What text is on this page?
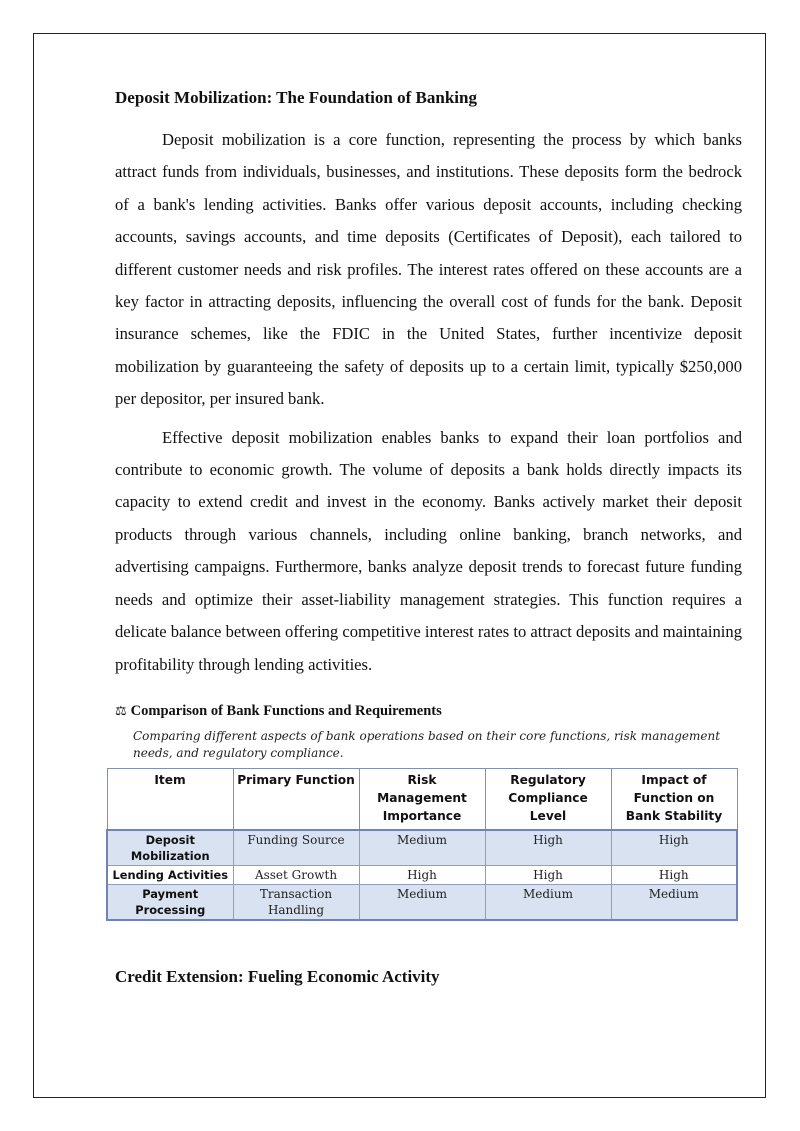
Deposit Mobilization: The Foundation of Banking

Deposit mobilization is a core function, representing the process by which banks attract funds from individuals, businesses, and institutions. These deposits form the bedrock of a bank's lending activities. Banks offer various deposit accounts, including checking accounts, savings accounts, and time deposits (Certificates of Deposit), each tailored to different customer needs and risk profiles. The interest rates offered on these accounts are a key factor in attracting deposits, influencing the overall cost of funds for the bank. Deposit insurance schemes, like the FDIC in the United States, further incentivize deposit mobilization by guaranteeing the safety of deposits up to a certain limit, typically $250,000 per depositor, per insured bank.

Effective deposit mobilization enables banks to expand their loan portfolios and contribute to economic growth. The volume of deposits a bank holds directly impacts its capacity to extend credit and invest in the economy. Banks actively market their deposit products through various channels, including online banking, branch networks, and advertising campaigns. Furthermore, banks analyze deposit trends to forecast future funding needs and optimize their asset-liability management strategies. This function requires a delicate balance between offering competitive interest rates to attract deposits and maintaining profitability through lending activities.

⚖ Comparison of Bank Functions and Requirements
Comparing different aspects of bank operations based on their core functions, risk management needs, and regulatory compliance.
Item	Primary Function	Risk Management Importance	Regulatory Compliance Level	Impact of Function on Bank Stability
Deposit Mobilization	Funding Source	Medium	High	High
Lending Activities	Asset Growth	High	High	High
Payment Processing	Transaction Handling	Medium	Medium	Medium
Credit Extension: Fueling Economic Activity
